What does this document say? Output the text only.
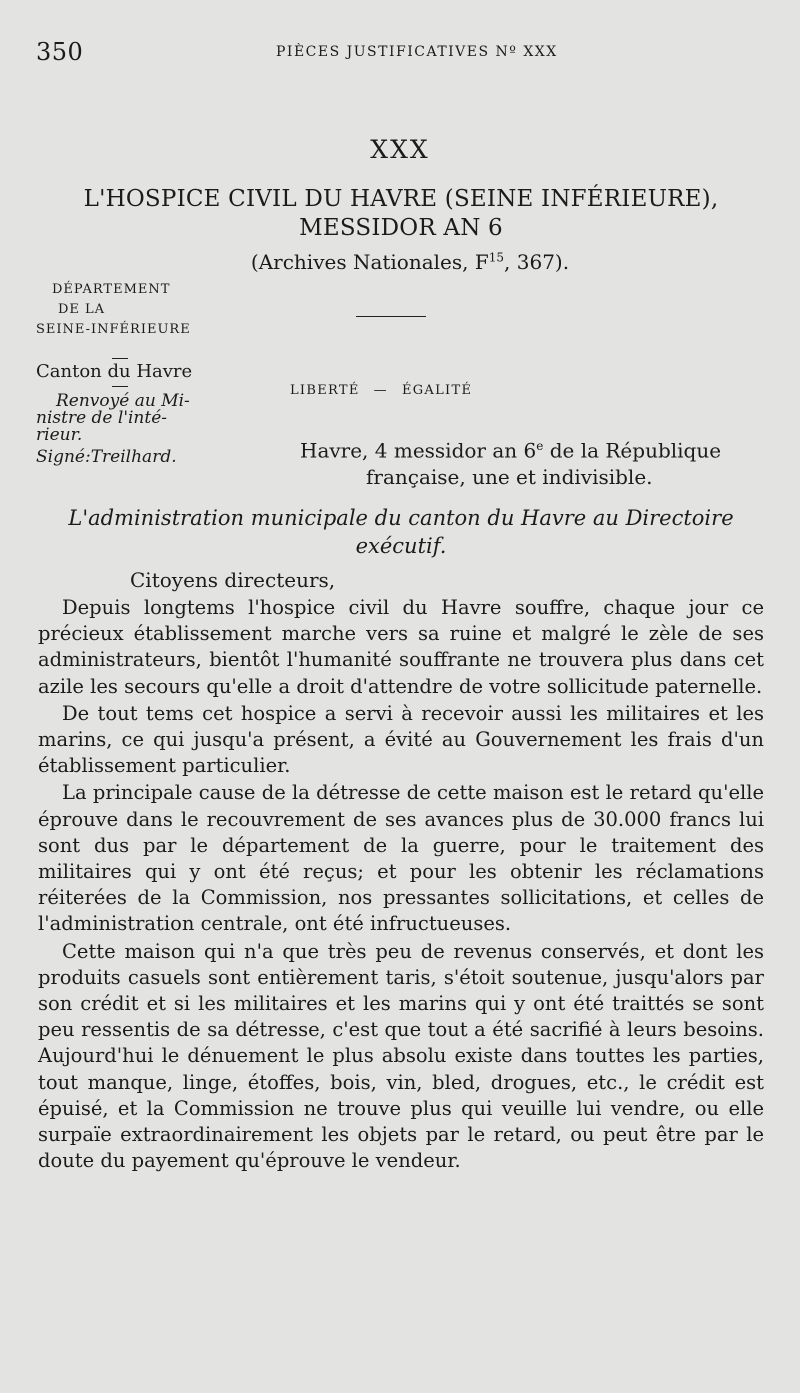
350	PIÈCES JUSTIFICATIVES Nº XXX
XXX
L'HOSPICE CIVIL DU HAVRE (SEINE INFÉRIEURE),
MESSIDOR AN 6
(Archives Nationales, $F^{15}$, 367).
DÉPARTEMENT
DE LA
SEINE-INFÉRIEURE
Canton du Havre
Renvoyé au Mi-
nistre de l'inté-
rieur.
Signé:Treilhard.
LIBERTÉ — ÉGALITÉ
Havre, 4 messidor an 6e de la République
française, une et indivisible.
L'administration municipale du canton du Havre au Directoire
exécutif.
Citoyens directeurs,

Depuis longtems l'hospice civil du Havre souffre, chaque jour ce précieux établissement marche vers sa ruine et malgré le zèle de ses administrateurs, bientôt l'humanité souffrante ne trouvera plus dans cet azile les secours qu'elle a droit d'attendre de votre sollicitude paternelle.

De tout tems cet hospice a servi à recevoir aussi les militaires et les marins, ce qui jusqu'a présent, a évité au Gouvernement les frais d'un établissement particulier.

La principale cause de la détresse de cette maison est le retard qu'elle éprouve dans le recouvrement de ses avances plus de 30.000 francs lui sont dus par le département de la guerre, pour le traitement des militaires qui y ont été reçus; et pour les obtenir les réclamations réiterées de la Commission, nos pressantes sollicitations, et celles de l'administration centrale, ont été infructueuses.

Cette maison qui n'a que très peu de revenus conservés, et dont les produits casuels sont entièrement taris, s'étoit soutenue, jusqu'alors par son crédit et si les militaires et les marins qui y ont été traittés se sont peu ressentis de sa détresse, c'est que tout a été sacrifié à leurs besoins. Aujourd'hui le dénuement le plus absolu existe dans touttes les parties, tout manque, linge, étoffes, bois, vin, bled, drogues, etc., le crédit est épuisé, et la Commission ne trouve plus qui veuille lui vendre, ou elle surpaïe extraordinairement les objets par le retard, ou peut être par le doute du payement qu'éprouve le vendeur.
